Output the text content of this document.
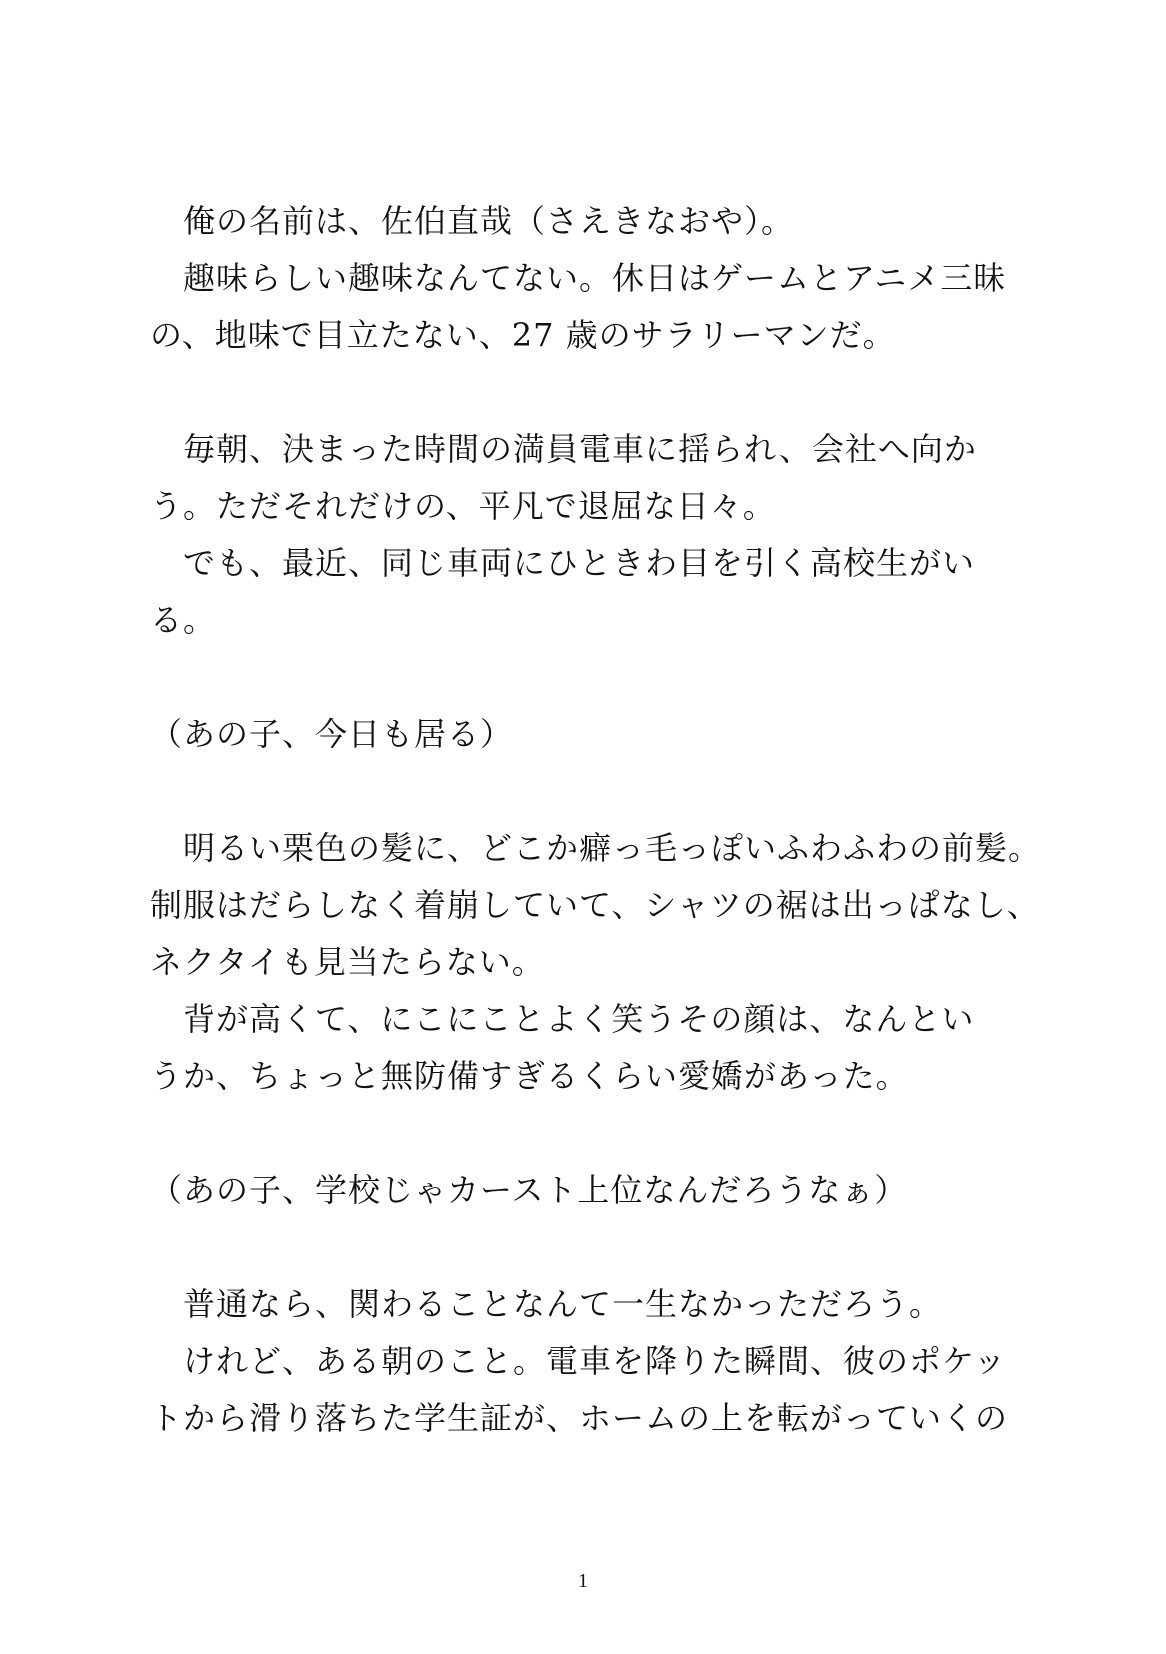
　俺の名前は、佐伯直哉（さえきなおや）。
　趣味らしい趣味なんてない。休日はゲームとアニメ三昧
の、地味で目立たない、27 歳のサラリーマンだ。
　毎朝、決まった時間の満員電車に揺られ、会社へ向か
う。ただそれだけの、平凡で退屈な日々。
　でも、最近、同じ車両にひときわ目を引く高校生がい
る。
（あの子、今日も居る）
　明るい栗色の髪に、どこか癖っ毛っぽいふわふわの前髪。
制服はだらしなく着崩していて、シャツの裾は出っぱなし、
ネクタイも見当たらない。
　背が高くて、にこにことよく笑うその顔は、なんとい
うか、ちょっと無防備すぎるくらい愛嬌があった。
（あの子、学校じゃカースト上位なんだろうなぁ）
　普通なら、関わることなんて一生なかっただろう。
　けれど、ある朝のこと。電車を降りた瞬間、彼のポケッ
トから滑り落ちた学生証が、ホームの上を転がっていくの
1
